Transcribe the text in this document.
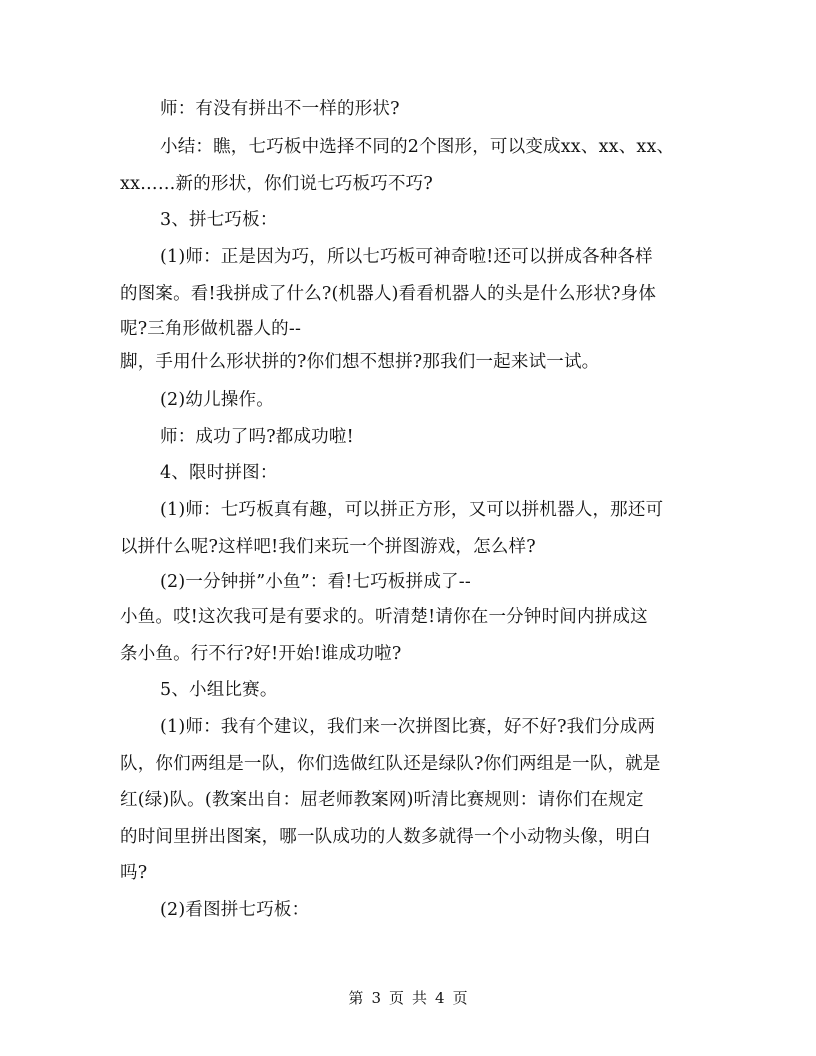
师：有没有拼出不一样的形状?
小结：瞧，七巧板中选择不同的2个图形，可以变成xx、xx、xx、
xx……新的形状，你们说七巧板巧不巧?
3、拼七巧板：
(1)师：正是因为巧，所以七巧板可神奇啦!还可以拼成各种各样
的图案。看!我拼成了什么?(机器人)看看机器人的头是什么形状?身体
呢?三角形做机器人的--
脚，手用什么形状拼的?你们想不想拼?那我们一起来试一试。
(2)幼儿操作。
师：成功了吗?都成功啦!
4、限时拼图：
(1)师：七巧板真有趣，可以拼正方形，又可以拼机器人，那还可
以拼什么呢?这样吧!我们来玩一个拼图游戏，怎么样?
(2)一分钟拼”小鱼”：看!七巧板拼成了--
小鱼。哎!这次我可是有要求的。听清楚!请你在一分钟时间内拼成这
条小鱼。行不行?好!开始!谁成功啦?
5、小组比赛。
(1)师：我有个建议，我们来一次拼图比赛，好不好?我们分成两
队，你们两组是一队，你们选做红队还是绿队?你们两组是一队，就是
红(绿)队。(教案出自：屈老师教案网)听清比赛规则：请你们在规定
的时间里拼出图案，哪一队成功的人数多就得一个小动物头像，明白
吗?
(2)看图拼七巧板：
第 3 页 共 4 页
